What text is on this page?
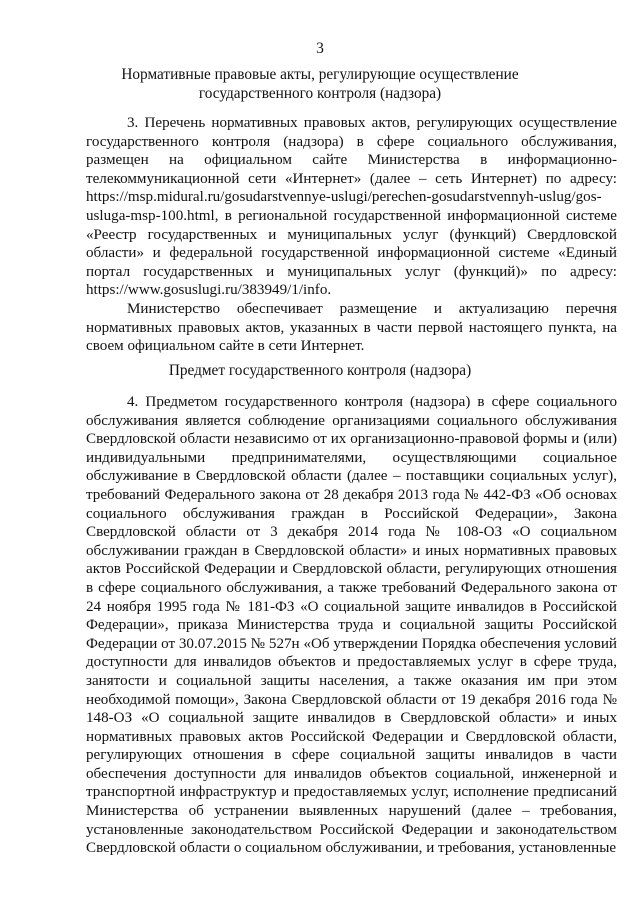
3
Нормативные правовые акты, регулирующие осуществление
государственного контроля (надзора)

3. Перечень нормативных правовых актов, регулирующих осуществление государственного контроля (надзора) в сфере социального обслуживания, размещен на официальном сайте Министерства в информационно-телекоммуникационной сети «Интернет» (далее – сеть Интернет) по адресу: https://msp.midural.ru/gosudarstvennye-uslugi/perechen-gosudarstvennyh-uslug/gos-usluga-msp-100.html, в региональной государственной информационной системе «Реестр государственных и муниципальных услуг (функций) Свердловской области» и федеральной государственной информационной системе «Единый портал государственных и муниципальных услуг (функций)» по адресу: https://www.gosuslugi.ru/383949/1/info.

Министерство обеспечивает размещение и актуализацию перечня нормативных правовых актов, указанных в части первой настоящего пункта, на своем официальном сайте в сети Интернет.

Предмет государственного контроля (надзора)

4. Предметом государственного контроля (надзора) в сфере социального обслуживания является соблюдение организациями социального обслуживания Свердловской области независимо от их организационно-правовой формы и (или) индивидуальными предпринимателями, осуществляющими социальное обслуживание в Свердловской области (далее – поставщики социальных услуг), требований Федерального закона от 28 декабря 2013 года № 442-ФЗ «Об основах социального обслуживания граждан в Российской Федерации», Закона Свердловской области от 3 декабря 2014 года № 108-ОЗ «О социальном обслуживании граждан в Свердловской области» и иных нормативных правовых актов Российской Федерации и Свердловской области, регулирующих отношения в сфере социального обслуживания, а также требований Федерального закона от 24 ноября 1995 года № 181-ФЗ «О социальной защите инвалидов в Российской Федерации», приказа Министерства труда и социальной защиты Российской Федерации от 30.07.2015 № 527н «Об утверждении Порядка обеспечения условий доступности для инвалидов объектов и предоставляемых услуг в сфере труда, занятости и социальной защиты населения, а также оказания им при этом необходимой помощи», Закона Свердловской области от 19 декабря 2016 года № 148-ОЗ «О социальной защите инвалидов в Свердловской области» и иных нормативных правовых актов Российской Федерации и Свердловской области, регулирующих отношения в сфере социальной защиты инвалидов в части обеспечения доступности для инвалидов объектов социальной, инженерной и транспортной инфраструктур и предоставляемых услуг, исполнение предписаний Министерства об устранении выявленных нарушений (далее – требования, установленные законодательством Российской Федерации и законодательством Свердловской области о социальном обслуживании, и требования, установленные
